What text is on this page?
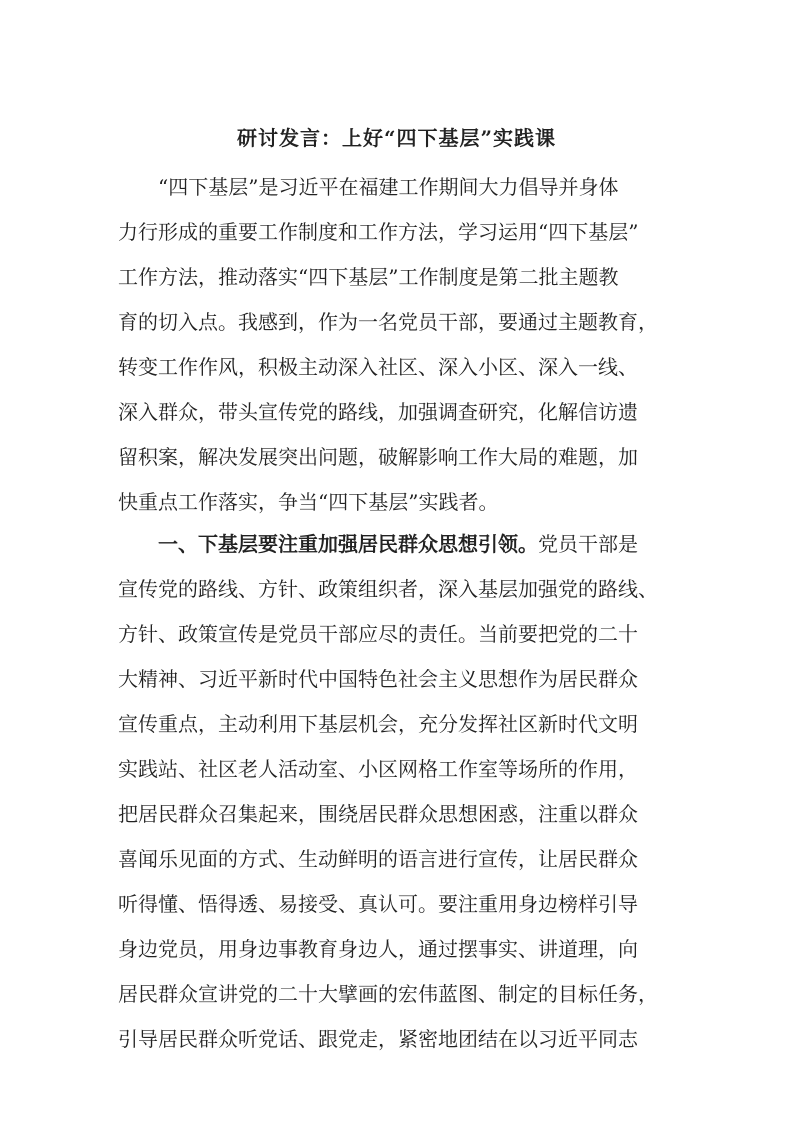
研讨发言：上好“四下基层”实践课
“四下基层”是习近平在福建工作期间大力倡导并身体
力行形成的重要工作制度和工作方法，学习运用“四下基层”
工作方法，推动落实“四下基层”工作制度是第二批主题教
育的切入点。我感到，作为一名党员干部，要通过主题教育，
转变工作作风，积极主动深入社区、深入小区、深入一线、
深入群众，带头宣传党的路线，加强调查研究，化解信访遗
留积案，解决发展突出问题，破解影响工作大局的难题，加
快重点工作落实，争当“四下基层”实践者。
一、下基层要注重加强居民群众思想引领。党员干部是
宣传党的路线、方针、政策组织者，深入基层加强党的路线、
方针、政策宣传是党员干部应尽的责任。当前要把党的二十
大精神、习近平新时代中国特色社会主义思想作为居民群众
宣传重点，主动利用下基层机会，充分发挥社区新时代文明
实践站、社区老人活动室、小区网格工作室等场所的作用，
把居民群众召集起来，围绕居民群众思想困惑，注重以群众
喜闻乐见面的方式、生动鲜明的语言进行宣传，让居民群众
听得懂、悟得透、易接受、真认可。要注重用身边榜样引导
身边党员，用身边事教育身边人，通过摆事实、讲道理，向
居民群众宣讲党的二十大擘画的宏伟蓝图、制定的目标任务，
引导居民群众听党话、跟党走，紧密地团结在以习近平同志
